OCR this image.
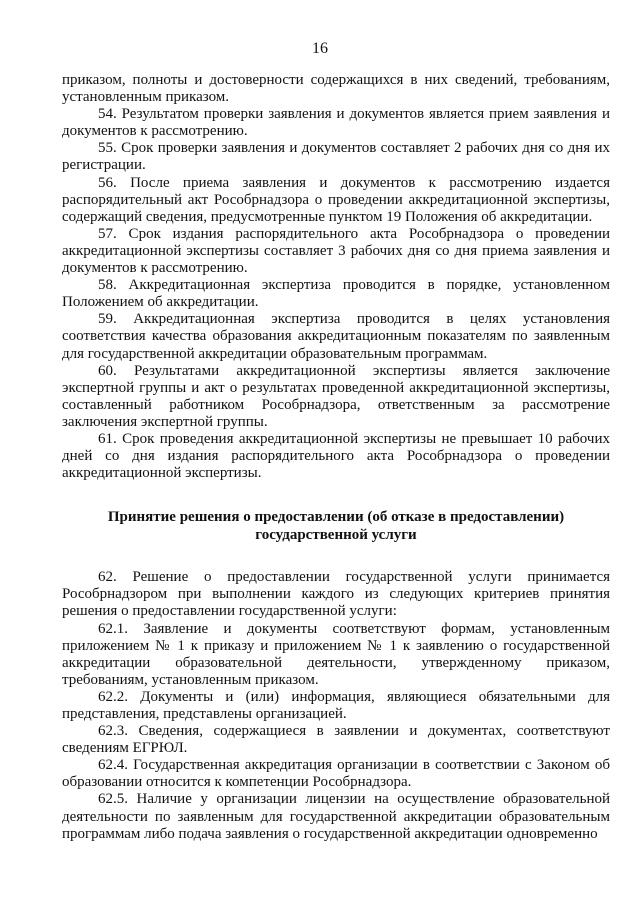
16

приказом, полноты и достоверности содержащихся в них сведений, требованиям, установленным приказом.

54. Результатом проверки заявления и документов является прием заявления и документов к рассмотрению.

55. Срок проверки заявления и документов составляет 2 рабочих дня со дня их регистрации.

56. После приема заявления и документов к рассмотрению издается распорядительный акт Рособрнадзора о проведении аккредитационной экспертизы, содержащий сведения, предусмотренные пунктом 19 Положения об аккредитации.

57. Срок издания распорядительного акта Рособрнадзора о проведении аккредитационной экспертизы составляет 3 рабочих дня со дня приема заявления и документов к рассмотрению.

58. Аккредитационная экспертиза проводится в порядке, установленном Положением об аккредитации.

59. Аккредитационная экспертиза проводится в целях установления соответствия качества образования аккредитационным показателям по заявленным для государственной аккредитации образовательным программам.

60. Результатами аккредитационной экспертизы является заключение экспертной группы и акт о результатах проведенной аккредитационной экспертизы, составленный работником Рособрнадзора, ответственным за рассмотрение заключения экспертной группы.

61. Срок проведения аккредитационной экспертизы не превышает 10 рабочих дней со дня издания распорядительного акта Рособрнадзора о проведении аккредитационной экспертизы.

Принятие решения о предоставлении (об отказе в предоставлении)
государственной услуги

62. Решение о предоставлении государственной услуги принимается Рособрнадзором при выполнении каждого из следующих критериев принятия решения о предоставлении государственной услуги:

62.1. Заявление и документы соответствуют формам, установленным приложением № 1 к приказу и приложением № 1 к заявлению о государственной аккредитации образовательной деятельности, утвержденному приказом, требованиям, установленным приказом.

62.2. Документы и (или) информация, являющиеся обязательными для представления, представлены организацией.

62.3. Сведения, содержащиеся в заявлении и документах, соответствуют сведениям ЕГРЮЛ.

62.4. Государственная аккредитация организации в соответствии с Законом об образовании относится к компетенции Рособрнадзора.

62.5. Наличие у организации лицензии на осуществление образовательной деятельности по заявленным для государственной аккредитации образовательным программам либо подача заявления о государственной аккредитации одновременно
